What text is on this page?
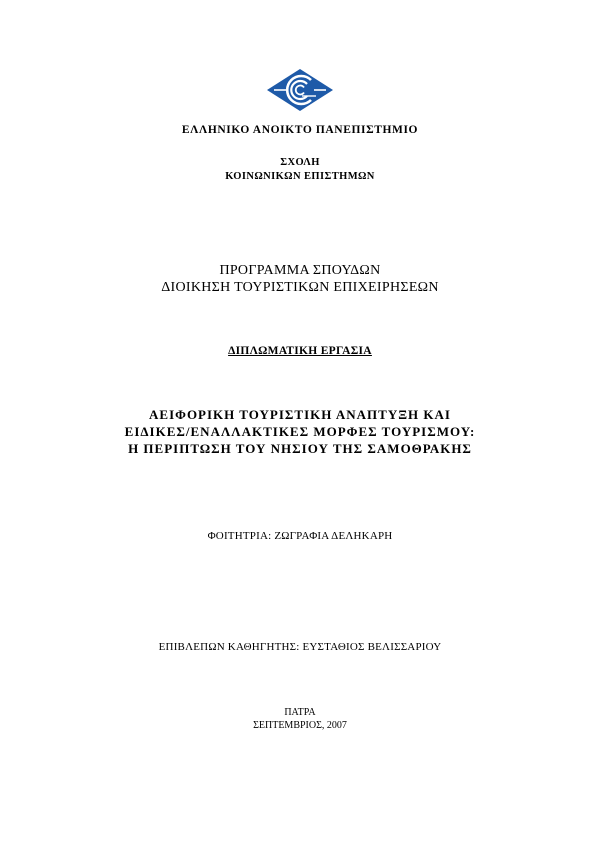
ΕΛΛΗΝΙΚΟ ΑΝΟΙΚΤΟ ΠΑΝΕΠΙΣΤΗΜΙΟ
ΣΧΟΛΗ
ΚΟΙΝΩΝΙΚΩΝ ΕΠΙΣΤΗΜΩΝ
ΠΡΟΓΡΑΜΜΑ ΣΠΟΥΔΩΝ
ΔΙΟΙΚΗΣΗ ΤΟΥΡΙΣΤΙΚΩΝ ΕΠΙΧΕΙΡΗΣΕΩΝ
ΔΙΠΛΩΜΑΤΙΚΗ ΕΡΓΑΣΙΑ
ΑΕΙΦΟΡΙΚΗ ΤΟΥΡΙΣΤΙΚΗ ΑΝΑΠΤΥΞΗ ΚΑΙ
ΕΙΔΙΚΕΣ/ΕΝΑΛΛΑΚΤΙΚΕΣ ΜΟΡΦΕΣ ΤΟΥΡΙΣΜΟΥ:
Η ΠΕΡΙΠΤΩΣΗ ΤΟΥ ΝΗΣΙΟΥ ΤΗΣ ΣΑΜΟΘΡΑΚΗΣ
ΦΟΙΤΗΤΡΙΑ: ΖΩΓΡΑΦΙΑ ΔΕΛΗΚΑΡΗ
ΕΠΙΒΛΕΠΩΝ ΚΑΘΗΓΗΤΗΣ: ΕΥΣΤΑΘΙΟΣ ΒΕΛΙΣΣΑΡΙΟΥ
ΠΑΤΡΑ
ΣΕΠΤΕΜΒΡΙΟΣ, 2007
